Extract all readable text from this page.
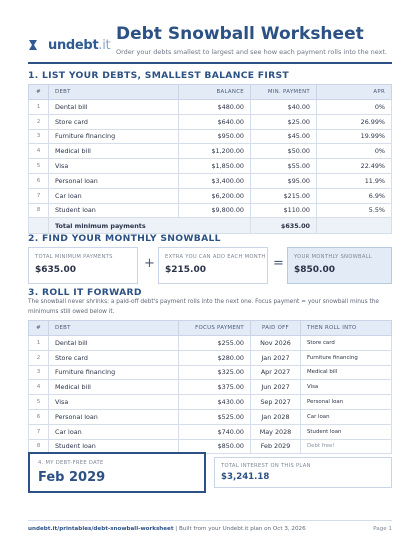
undebt.it
Debt Snowball Worksheet
Order your debts smallest to largest and see how each payment rolls into the next.
1. LIST YOUR DEBTS, SMALLEST BALANCE FIRST
#	DEBT	BALANCE	MIN. PAYMENT	APR
1	Dental bill	$480.00	$40.00	0%
2	Store card	$640.00	$25.00	26.99%
3	Furniture financing	$950.00	$45.00	19.99%
4	Medical bill	$1,200.00	$50.00	0%
5	Visa	$1,850.00	$55.00	22.49%
6	Personal loan	$3,400.00	$95.00	11.9%
7	Car loan	$6,200.00	$215.00	6.9%
8	Student loan	$9,800.00	$110.00	5.5%
	Total minimum payments		$635.00	
2. FIND YOUR MONTHLY SNOWBALL
TOTAL MINIMUM PAYMENTS
$635.00	+ EXTRA YOU CAN ADD EACH MONTH
$215.00	= YOUR MONTHLY SNOWBALL
$850.00
3. ROLL IT FORWARD
The snowball never shrinks: a paid-off debt's payment rolls into the next one. Focus payment = your snowball minus the minimums still owed below it.
#	DEBT	FOCUS PAYMENT	PAID OFF	THEN ROLL INTO
1	Dental bill	$255.00	Nov 2026	Store card
2	Store card	$280.00	Jan 2027	Furniture financing
3	Furniture financing	$325.00	Apr 2027	Medical bill
4	Medical bill	$375.00	Jun 2027	Visa
5	Visa	$430.00	Sep 2027	Personal loan
6	Personal loan	$525.00	Jan 2028	Car loan
7	Car loan	$740.00	May 2028	Student loan
8	Student loan	$850.00	Feb 2029	Debt free!
4. MY DEBT-FREE DATE
Feb 2029
TOTAL INTEREST ON THIS PLAN
$3,241.18
undebt.it/printables/debt-snowball-worksheet | Built from your Undebt.it plan on Oct 3, 2026	Page 1
